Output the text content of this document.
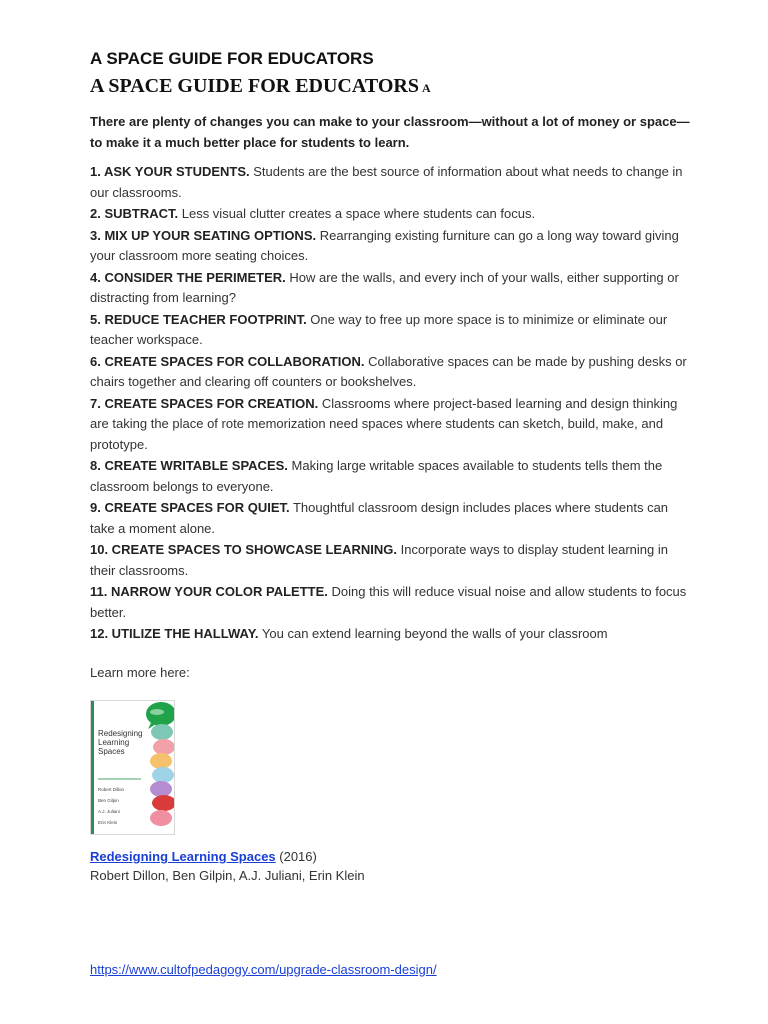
A SPACE GUIDE FOR EDUCATORS
A SPACE GUIDE FOR EDUCATORS A

There are plenty of changes you can make to your classroom—without a lot of money or space—to make it a much better place for students to learn.

1. ASK YOUR STUDENTS. Students are the best source of information about what needs to change in our classrooms.
2. SUBTRACT. Less visual clutter creates a space where students can focus.
3. MIX UP YOUR SEATING OPTIONS. Rearranging existing furniture can go a long way toward giving your classroom more seating choices.
4. CONSIDER THE PERIMETER. How are the walls, and every inch of your walls, either supporting or distracting from learning?
5. REDUCE TEACHER FOOTPRINT. One way to free up more space is to minimize or eliminate our teacher workspace.
6. CREATE SPACES FOR COLLABORATION. Collaborative spaces can be made by pushing desks or chairs together and clearing off counters or bookshelves.
7. CREATE SPACES FOR CREATION. Classrooms where project-based learning and design thinking are taking the place of rote memorization need spaces where students can sketch, build, make, and prototype.
8. CREATE WRITABLE SPACES. Making large writable spaces available to students tells them the classroom belongs to everyone.
9. CREATE SPACES FOR QUIET. Thoughtful classroom design includes places where students can take a moment alone.
10. CREATE SPACES TO SHOWCASE LEARNING. Incorporate ways to display student learning in their classrooms.
11. NARROW YOUR COLOR PALETTE. Doing this will reduce visual noise and allow students to focus better.
12. UTILIZE THE HALLWAY. You can extend learning beyond the walls of your classroom

Learn more here:

Redesigning
Learning
Spaces
Robert Dillon
Ben Gilpin
A.J. Juliani
Erin Klein
Redesigning Learning Spaces (2016)
Robert Dillon, Ben Gilpin, A.J. Juliani, Erin Klein
https://www.cultofpedagogy.com/upgrade-classroom-design/
